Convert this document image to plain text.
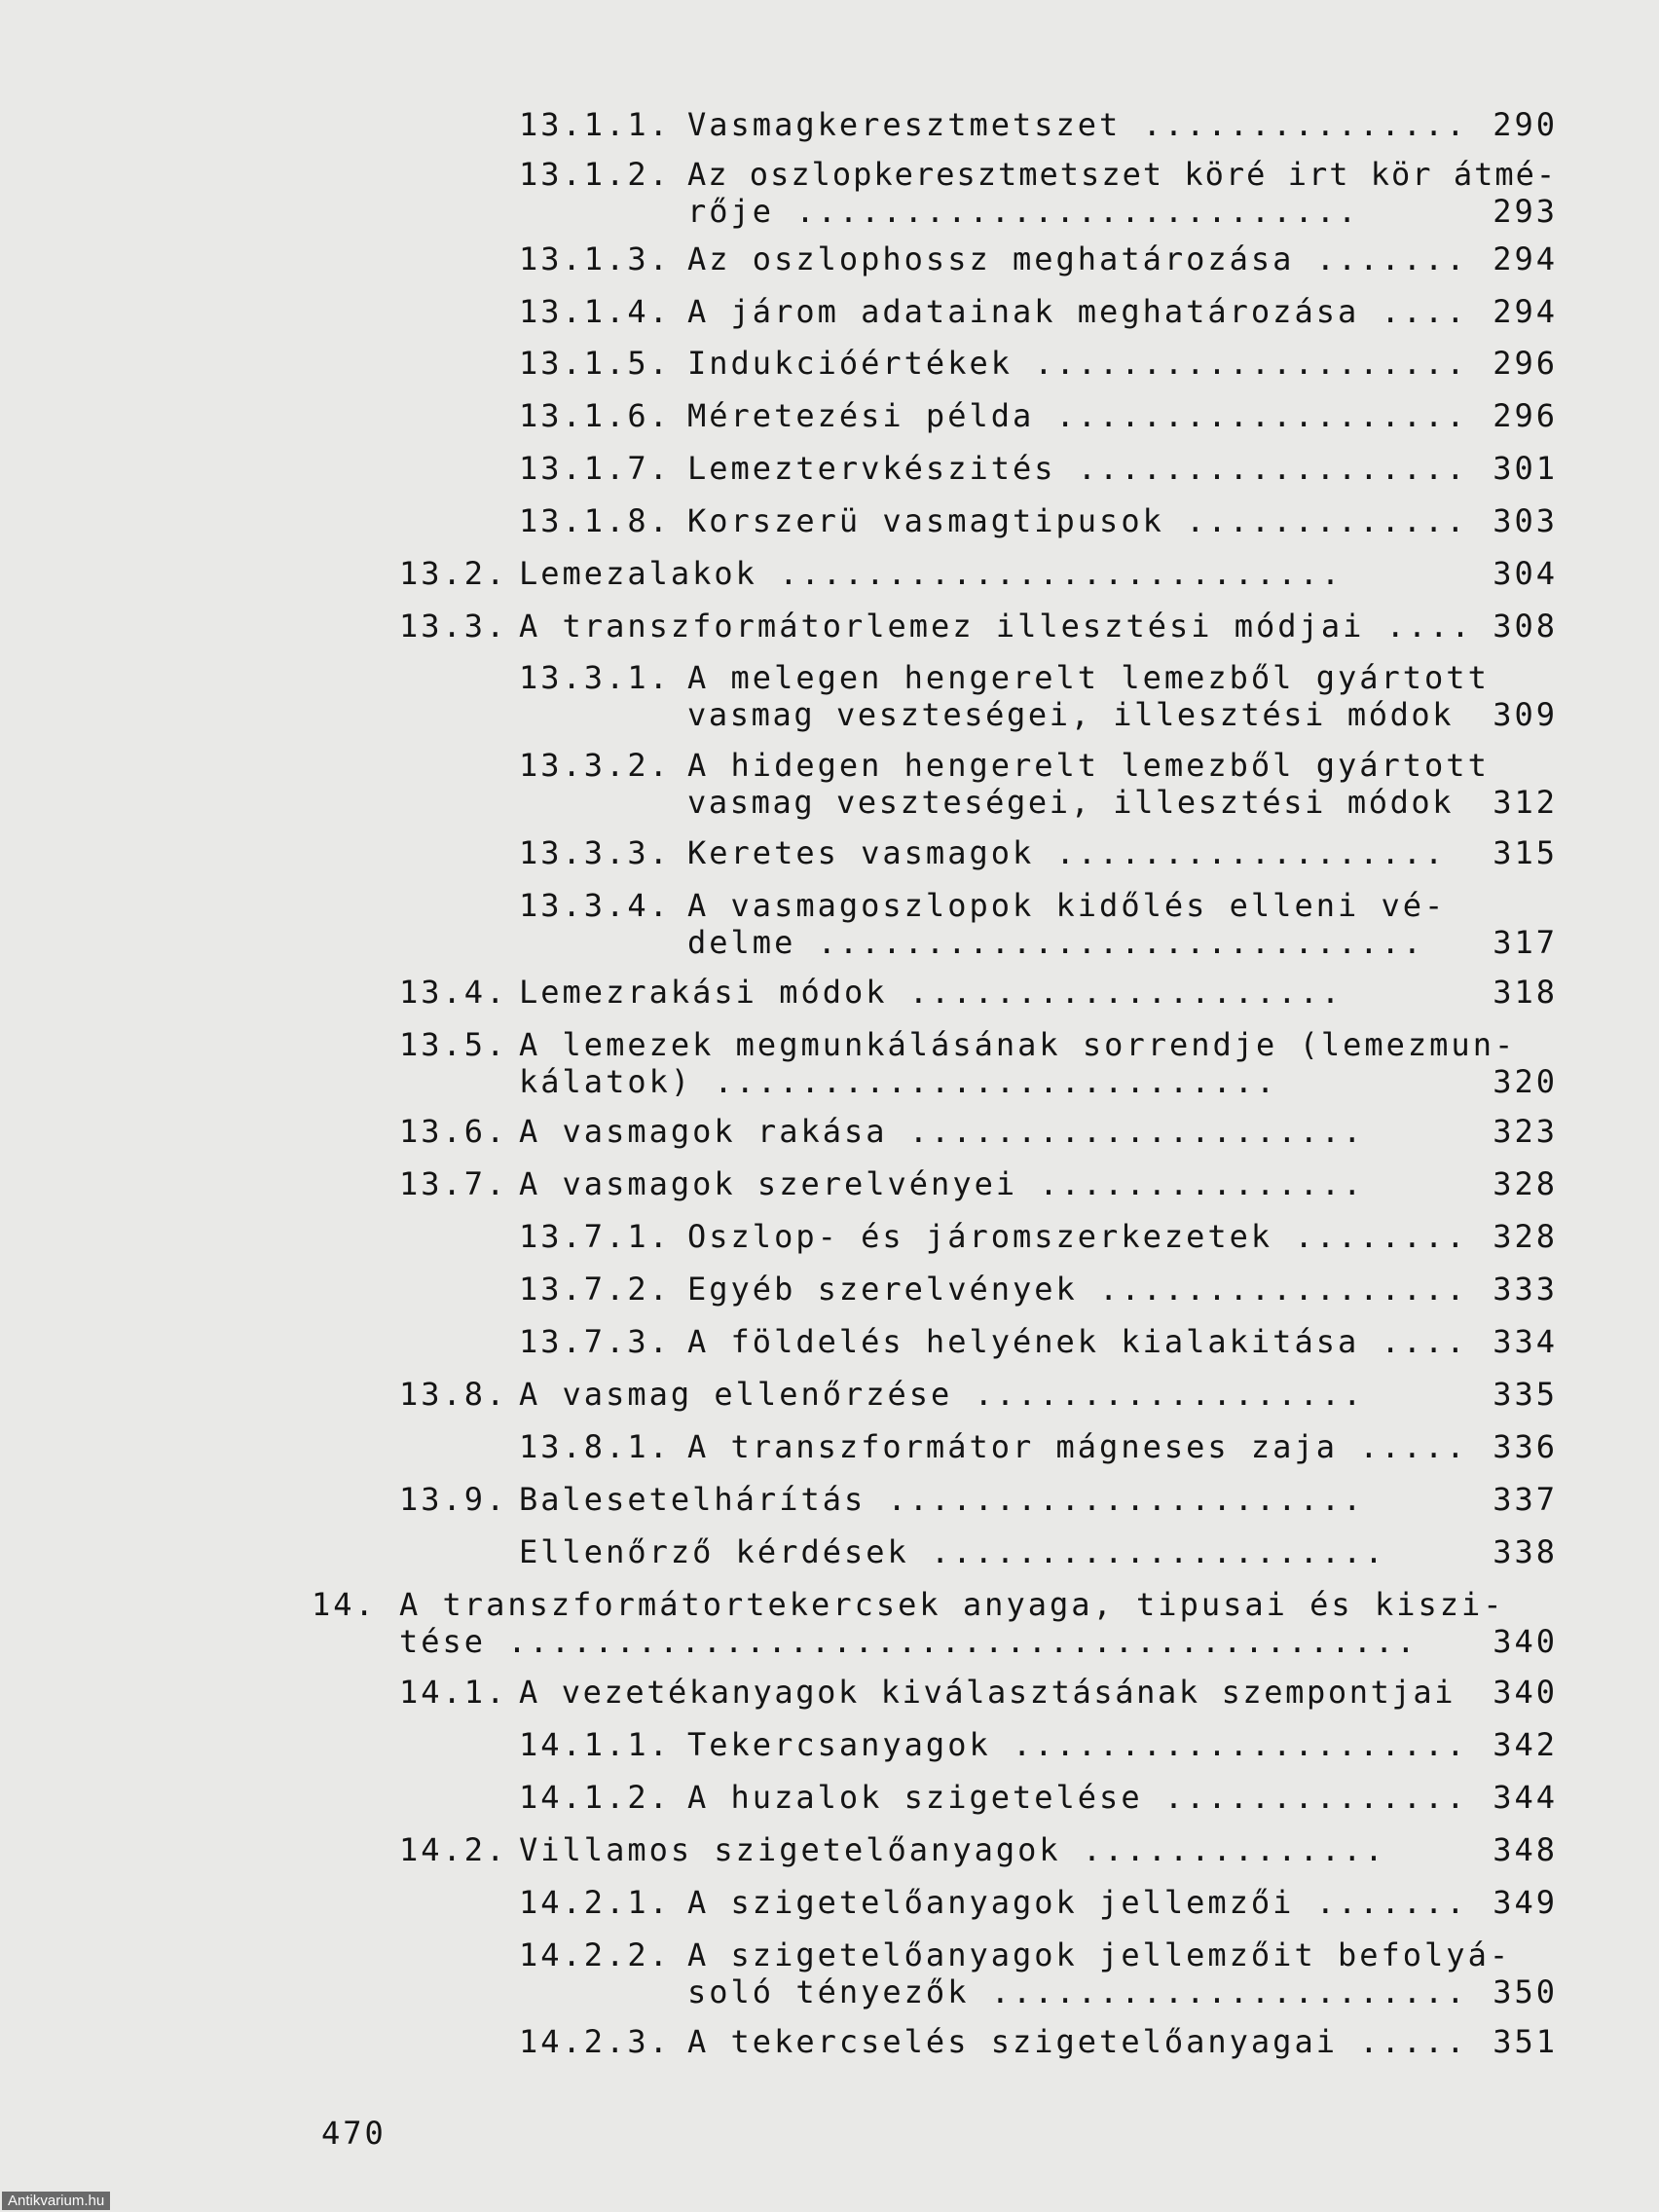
13.1.1. Vasmagkeresztmetszet ............... 290
13.1.2. Az oszlopkeresztmetszet köré irt kör átmé-
rője ..........................	293
13.1.3. Az oszlophossz meghatározása ....... 294
13.1.4. A járom adatainak meghatározása .... 294
13.1.5. Indukcióértékek .................... 296
13.1.6. Méretezési példa ................... 296
13.1.7. Lemeztervkészités .................. 301
13.1.8. Korszerü vasmagtipusok ............. 303
13.2. Lemezalakok ..........................	304
13.3. A transzformátorlemez illesztési módjai .... 308
13.3.1. A melegen hengerelt lemezből gyártott
vasmag veszteségei, illesztési módok 309
13.3.2. A hidegen hengerelt lemezből gyártott
vasmag veszteségei, illesztési módok 312
13.3.3. Keretes vasmagok .................. 315
13.3.4. A vasmagoszlopok kidőlés elleni vé-
delme ............................ 317
13.4. Lemezrakási módok ....................	318
13.5. A lemezek megmunkálásának sorrendje (lemezmun-
kálatok) ..........................	320
13.6. A vasmagok rakása .....................	323
13.7. A vasmagok szerelvényei ...............	328
13.7.1. Oszlop- és járomszerkezetek ........ 328
13.7.2. Egyéb szerelvények ................. 333
13.7.3. A földelés helyének kialakitása .... 334
13.8. A vasmag ellenőrzése ..................	335
13.8.1. A transzformátor mágneses zaja ..... 336
13.9. Balesetelhárítás ......................	337
Ellenőrző kérdések .....................	338
14. A transzformátortekercsek anyaga, tipusai és kiszi-
tése .......................................... 340
14.1. A vezetékanyagok kiválasztásának szempontjai 340
14.1.1. Tekercsanyagok ..................... 342
14.1.2. A huzalok szigetelése .............. 344
14.2. Villamos szigetelőanyagok ..............	348
14.2.1. A szigetelőanyagok jellemzői ....... 349
14.2.2. A szigetelőanyagok jellemzőit befolyá-
soló tényezők ...................... 350
14.2.3. A tekercselés szigetelőanyagai ..... 351
470
Antikvarium.hu
